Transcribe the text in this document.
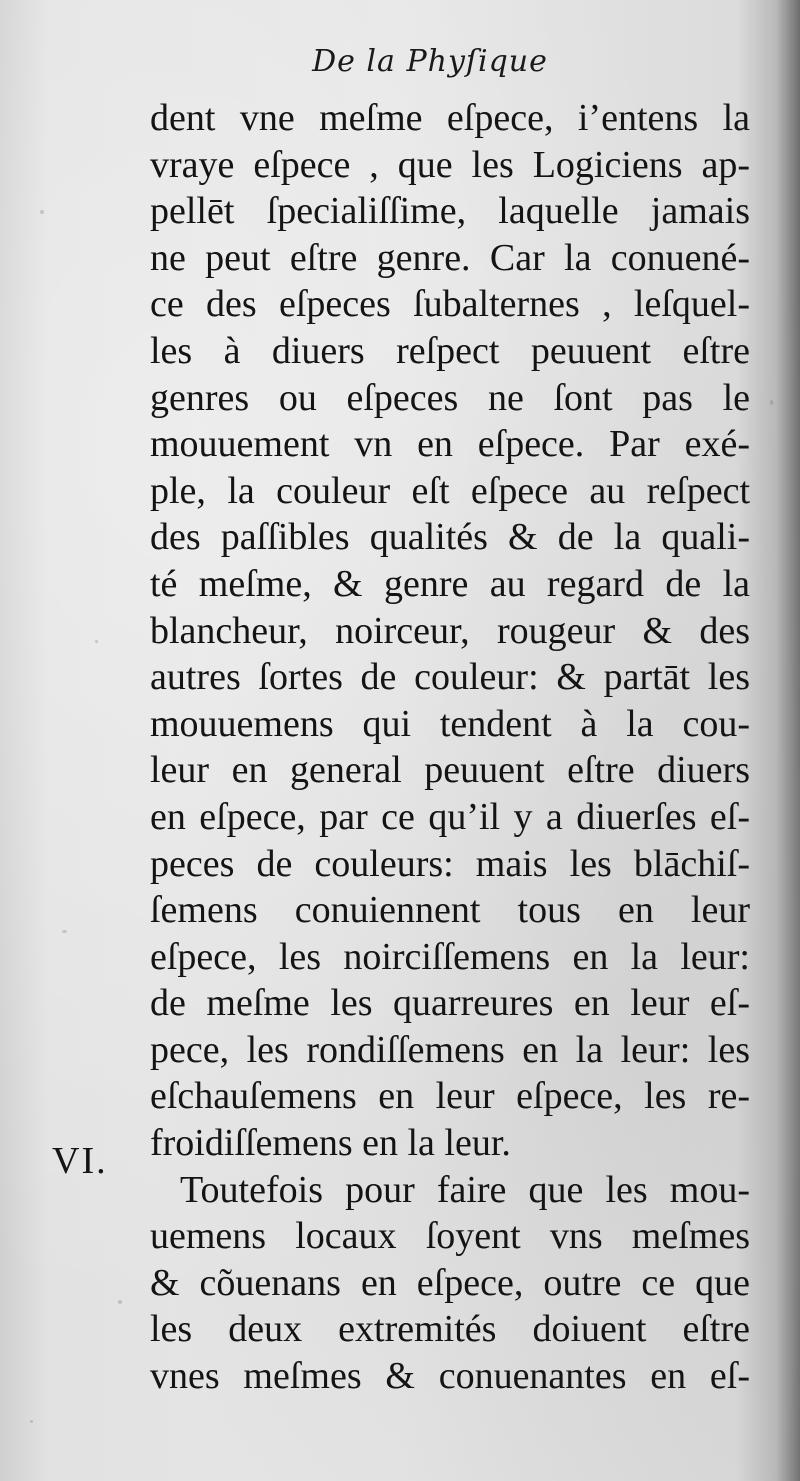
De la Phyſique
VI.
dent vne meſme eſpece, i’entens la
vraye eſpece , que les Logiciens ap-
pellēt ſpecialiſſime, laquelle jamais
ne peut eſtre genre. Car la conuené-
ce des eſpeces ſubalternes , leſquel-
les à diuers reſpect peuuent eſtre
genres ou eſpeces ne ſont pas le
mouuement vn en eſpece. Par exé-
ple, la couleur eſt eſpece au reſpect
des paſſibles qualités & de la quali-
té meſme, & genre au regard de la
blancheur, noirceur, rougeur & des
autres ſortes de couleur: & partāt les
mouuemens qui tendent à la cou-
leur en general peuuent eſtre diuers
en eſpece, par ce qu’il y a diuerſes eſ-
peces de couleurs: mais les blāchiſ-
ſemens conuiennent tous en leur
eſpece, les noirciſſemens en la leur:
de meſme les quarreures en leur eſ-
pece, les rondiſſemens en la leur: les
eſchauſemens en leur eſpece, les re-
froidiſſemens en la leur.
Toutefois pour faire que les mou-
uemens locaux ſoyent vns meſmes
& cõuenans en eſpece, outre ce que
les deux extremités doiuent eſtre
vnes meſmes & conuenantes en eſ-
